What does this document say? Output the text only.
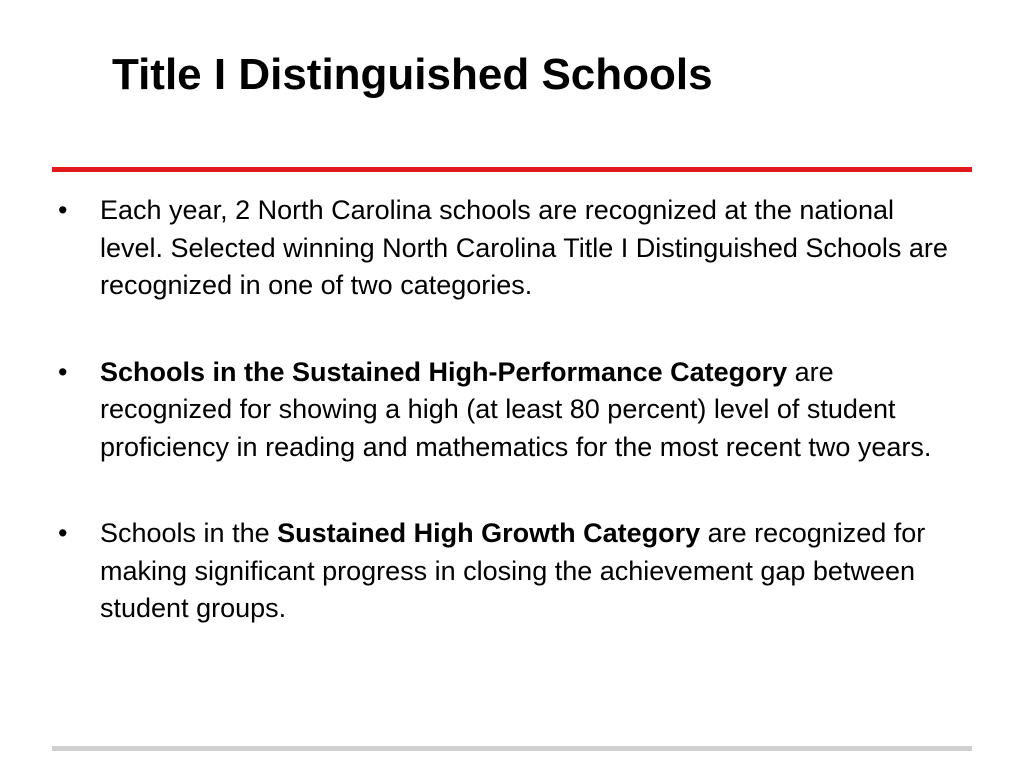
Title I Distinguished Schools
• Each year, 2 North Carolina schools are recognized at the national level. Selected winning North Carolina Title I Distinguished Schools are recognized in one of two categories.
• Schools in the Sustained High-Performance Category are recognized for showing a high (at least 80 percent) level of student proficiency in reading and mathematics for the most recent two years.
• Schools in the Sustained High Growth Category are recognized for making significant progress in closing the achievement gap between student groups.
